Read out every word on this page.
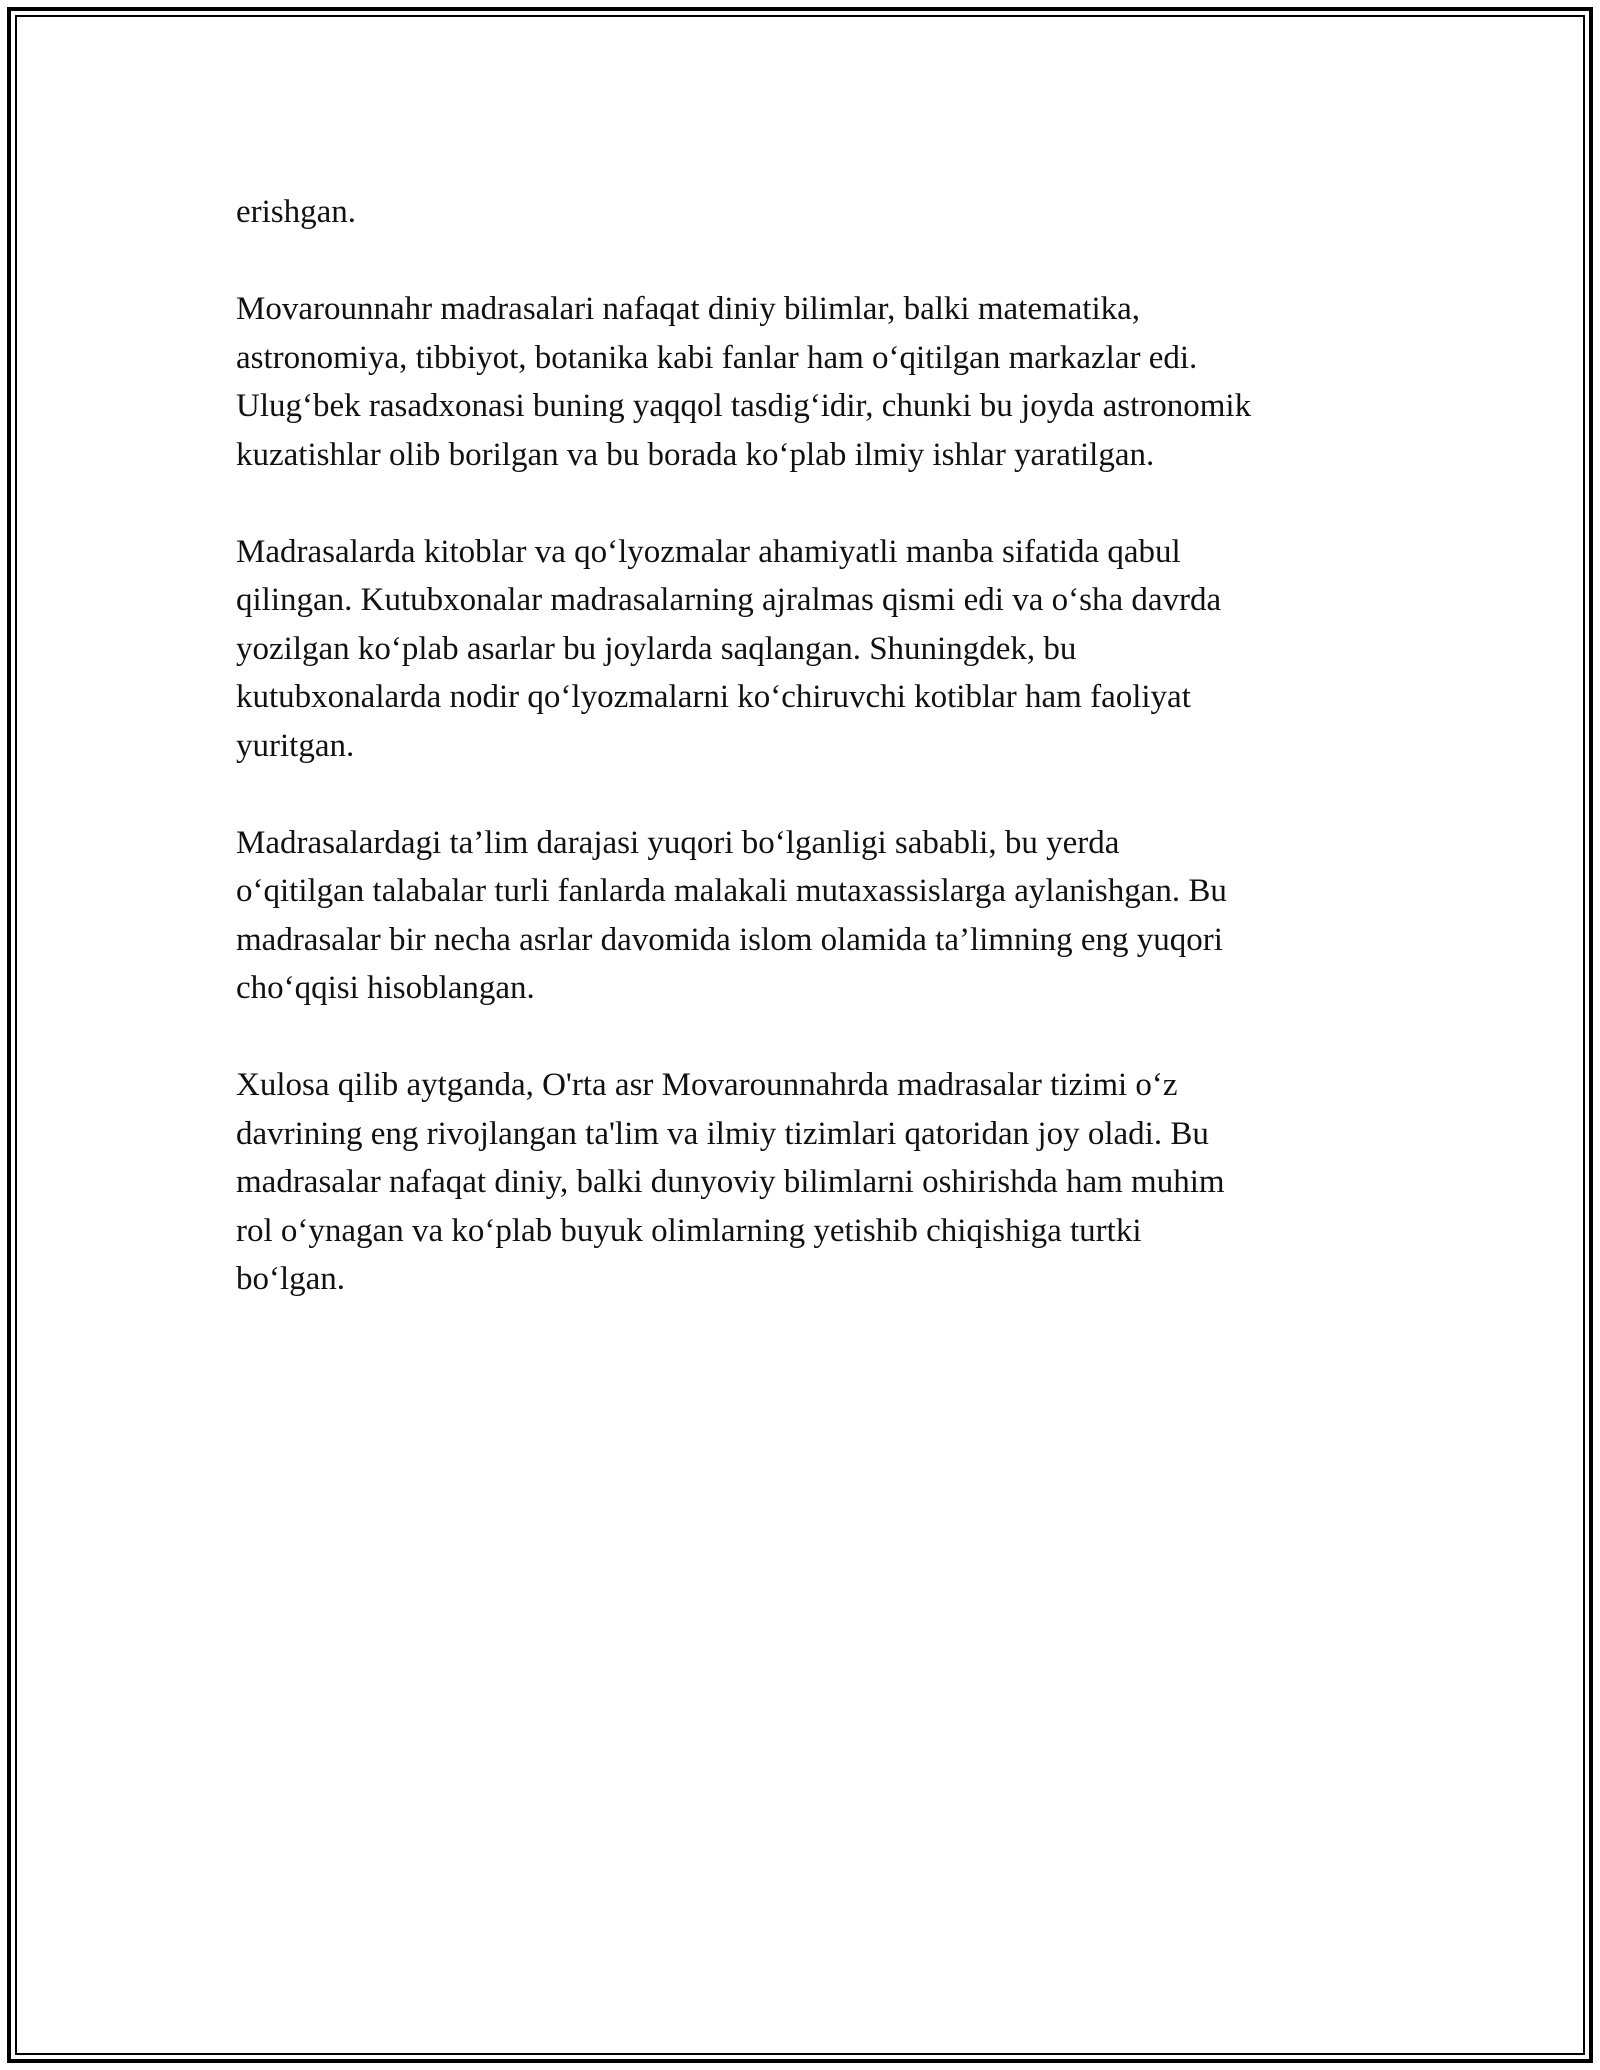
erishgan.

Movarounnahr madrasalari nafaqat diniy bilimlar, balki matematika,
astronomiya, tibbiyot, botanika kabi fanlar ham o‘qitilgan markazlar edi.
Ulug‘bek rasadxonasi buning yaqqol tasdig‘idir, chunki bu joyda astronomik
kuzatishlar olib borilgan va bu borada ko‘plab ilmiy ishlar yaratilgan.

Madrasalarda kitoblar va qo‘lyozmalar ahamiyatli manba sifatida qabul
qilingan. Kutubxonalar madrasalarning ajralmas qismi edi va o‘sha davrda
yozilgan ko‘plab asarlar bu joylarda saqlangan. Shuningdek, bu
kutubxonalarda nodir qo‘lyozmalarni ko‘chiruvchi kotiblar ham faoliyat
yuritgan.

Madrasalardagi ta’lim darajasi yuqori bo‘lganligi sababli, bu yerda
o‘qitilgan talabalar turli fanlarda malakali mutaxassislarga aylanishgan. Bu
madrasalar bir necha asrlar davomida islom olamida ta’limning eng yuqori
cho‘qqisi hisoblangan.

Xulosa qilib aytganda, O'rta asr Movarounnahrda madrasalar tizimi o‘z
davrining eng rivojlangan ta'lim va ilmiy tizimlari qatoridan joy oladi. Bu
madrasalar nafaqat diniy, balki dunyoviy bilimlarni oshirishda ham muhim
rol o‘ynagan va ko‘plab buyuk olimlarning yetishib chiqishiga turtki
bo‘lgan.
